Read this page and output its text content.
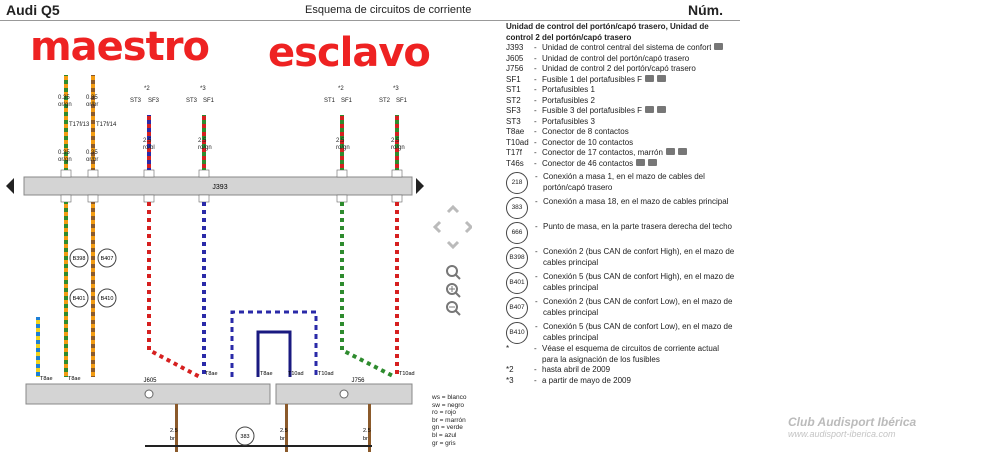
Audi Q5	Esquema de circuitos de corriente	Núm.
maestro esclavo
J393
*2
ST3 SF3
*3
ST3 SF1
*2
ST1 SF1
*3
ST2 SF1
0.35
or/gn
0.35
or/br
T17f/13 T17f/14
0.35
or/gn
0.35
or/br
2.5
ro/bl
2.5
ro/gn
2.5
ro/gn
2.5
ro/gn
B398	B407
B401	B410
J605	J756
T8ae	T8ae
T8ae	T8ae	T10ad	T10ad	T10ad
2.5
br
2.5
br
2.5
br
383
ws = blanco
sw = negro
ro = rojo
br = marrón
gn = verde
bl = azul
gr = gris
Unidad de control del portón/capó trasero, Unidad de control 2 del portón/capó trasero
J393	- Unidad de control central del sistema de confort
J605	- Unidad de control del portón/capó trasero
J756	- Unidad de control 2 del portón/capó trasero
SF1	- Fusible 1 del portafusibles F
ST1	- Portafusibles 1
ST2	- Portafusibles 2
SF3	- Fusible 3 del portafusibles F
ST3	- Portafusibles 3
T8ae	- Conector de 8 contactos
T10ad - Conector de 10 contactos
T17f	- Conector de 17 contactos, marrón
T46s	- Conector de 46 contactos
218
- Conexión a masa 1, en el mazo de cables del portón/capó trasero
383
- Conexión a masa 18, en el mazo de cables principal
666
- Punto de masa, en la parte trasera derecha del techo
B398
- Conexión 2 (bus CAN de confort High), en el mazo de cables principal
B401
- Conexión 5 (bus CAN de confort High), en el mazo de cables principal
B407
- Conexión 2 (bus CAN de confort Low), en el mazo de cables principal
B410
- Conexión 5 (bus CAN de confort Low), en el mazo de cables principal
*	- Véase el esquema de circuitos de corriente actual para la asignación de los fusibles
*2	- hasta abril de 2009
*3	- a partir de mayo de 2009
Club Audisport Ibérica
www.audisport-iberica.com
